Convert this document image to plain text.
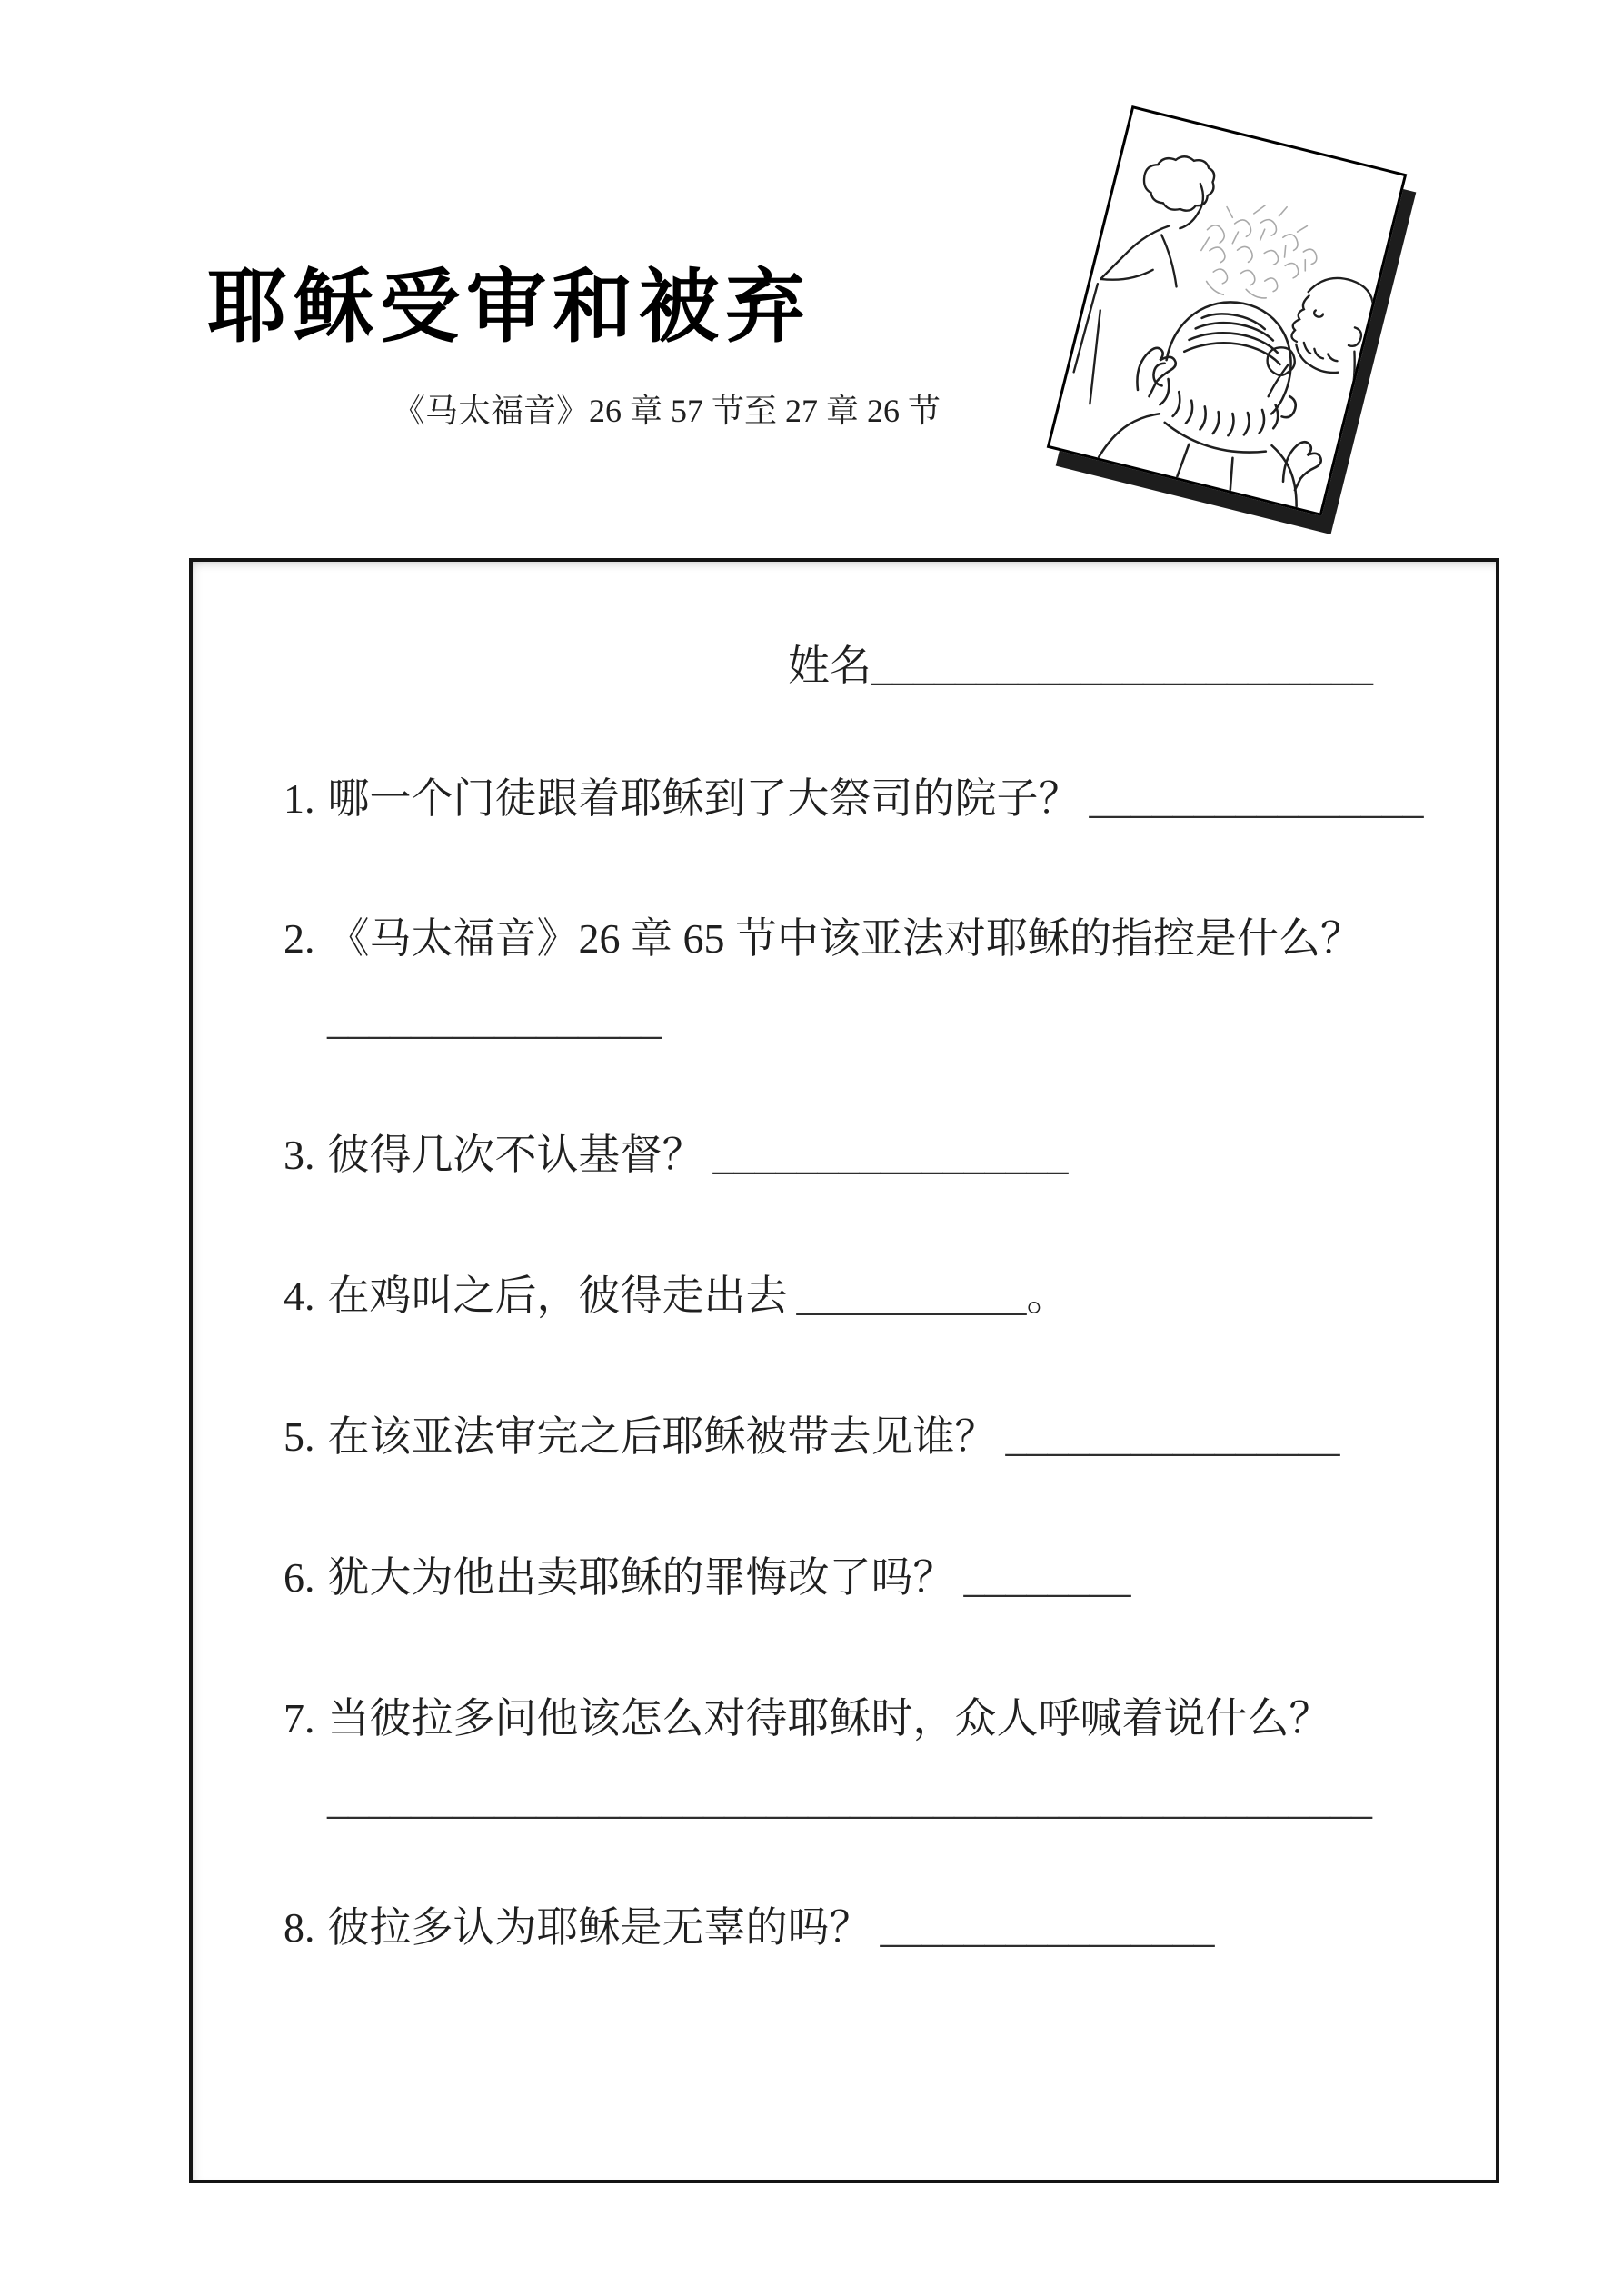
耶稣受审和被弃
《马太福音》26 章 57 节至 27 章 26 节
姓名________________________
1. 哪一个门徒跟着耶稣到了大祭司的院子？ ________________
2. 《马太福音》26 章 65 节中该亚法对耶稣的指控是什么？
________________
3. 彼得几次不认基督？ _________________
4. 在鸡叫之后，彼得走出去 ___________。
5. 在该亚法审完之后耶稣被带去见谁？ ________________
6. 犹大为他出卖耶稣的罪悔改了吗？ ________
7. 当彼拉多问他该怎么对待耶稣时，众人呼喊着说什么？
__________________________________________________
8. 彼拉多认为耶稣是无辜的吗？ ________________
